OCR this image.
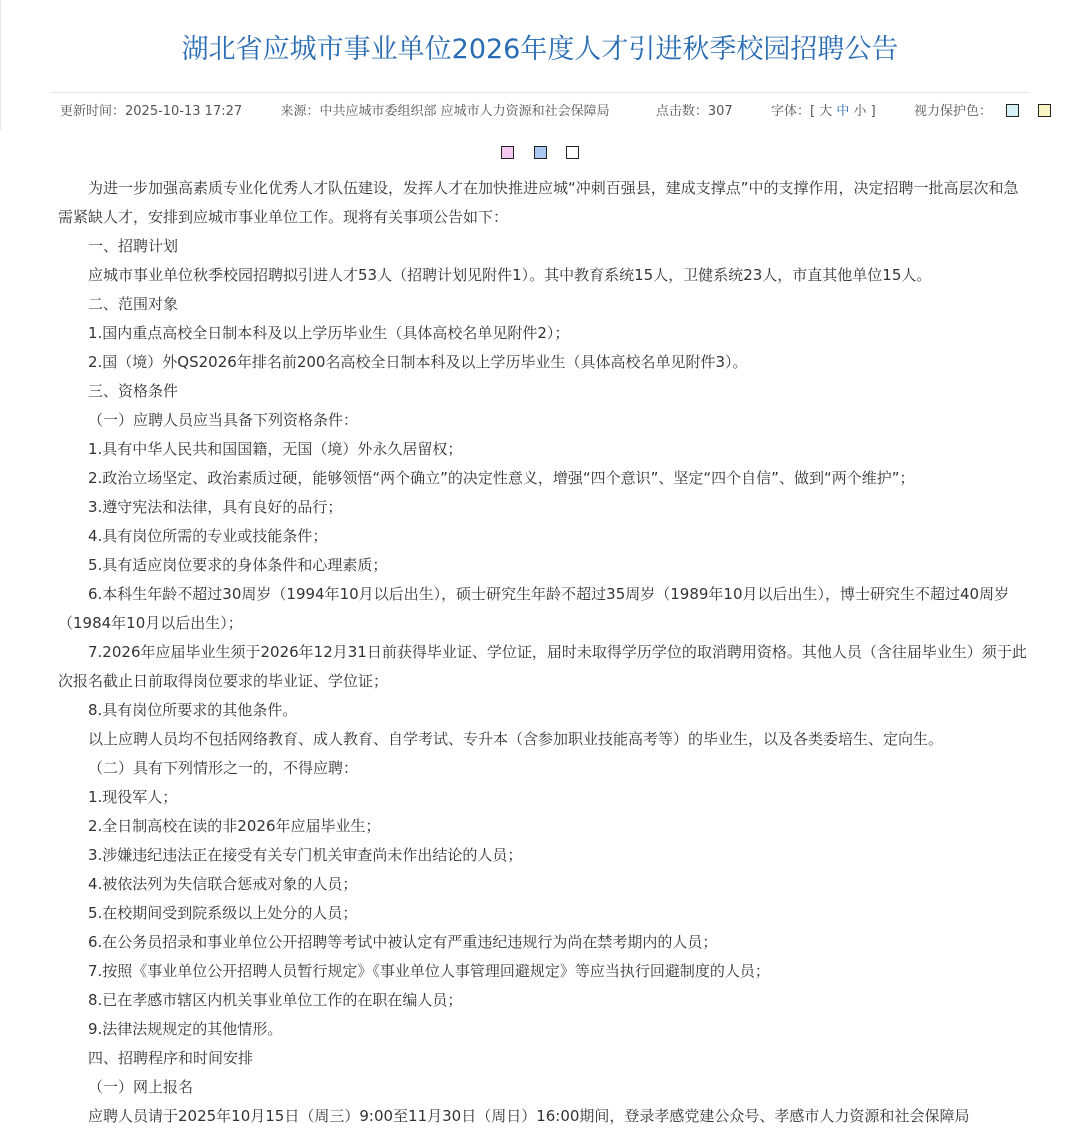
湖北省应城市事业单位2026年度人才引进秋季校园招聘公告
更新时间：2025-10-13 17:27	来源：中共应城市委组织部 应城市人力资源和社会保障局	点击数：307	字体：[ 大 中 小 ]	视力保护色：

为进一步加强高素质专业化优秀人才队伍建设，发挥人才在加快推进应城“冲刺百强县，建成支撑点”中的支撑作用，决定招聘一批高层次和急需紧缺人才，安排到应城市事业单位工作。现将有关事项公告如下：

一、招聘计划

应城市事业单位秋季校园招聘拟引进人才53人（招聘计划见附件1）。其中教育系统15人，卫健系统23人，市直其他单位15人。

二、范围对象

1.国内重点高校全日制本科及以上学历毕业生（具体高校名单见附件2）；

2.国（境）外QS2026年排名前200名高校全日制本科及以上学历毕业生（具体高校名单见附件3）。

三、资格条件

（一）应聘人员应当具备下列资格条件：

1.具有中华人民共和国国籍，无国（境）外永久居留权；

2.政治立场坚定、政治素质过硬，能够领悟“两个确立”的决定性意义，增强“四个意识”、坚定“四个自信”、做到“两个维护”；

3.遵守宪法和法律，具有良好的品行；

4.具有岗位所需的专业或技能条件；

5.具有适应岗位要求的身体条件和心理素质；

6.本科生年龄不超过30周岁（1994年10月以后出生），硕士研究生年龄不超过35周岁（1989年10月以后出生），博士研究生不超过40周岁（1984年10月以后出生）；

7.2026年应届毕业生须于2026年12月31日前获得毕业证、学位证，届时未取得学历学位的取消聘用资格。其他人员（含往届毕业生）须于此次报名截止日前取得岗位要求的毕业证、学位证；

8.具有岗位所要求的其他条件。

以上应聘人员均不包括网络教育、成人教育、自学考试、专升本（含参加职业技能高考等）的毕业生，以及各类委培生、定向生。

（二）具有下列情形之一的，不得应聘：

1.现役军人；

2.全日制高校在读的非2026年应届毕业生；

3.涉嫌违纪违法正在接受有关专门机关审查尚未作出结论的人员；

4.被依法列为失信联合惩戒对象的人员；

5.在校期间受到院系级以上处分的人员；

6.在公务员招录和事业单位公开招聘等考试中被认定有严重违纪违规行为尚在禁考期内的人员；

7.按照《事业单位公开招聘人员暂行规定》《事业单位人事管理回避规定》等应当执行回避制度的人员；

8.已在孝感市辖区内机关事业单位工作的在职在编人员；

9.法律法规规定的其他情形。

四、招聘程序和时间安排

（一）网上报名

应聘人员请于2025年10月15日（周三）9:00至11月30日（周日）16:00期间，登录孝感党建公众号、孝感市人力资源和社会保障局
